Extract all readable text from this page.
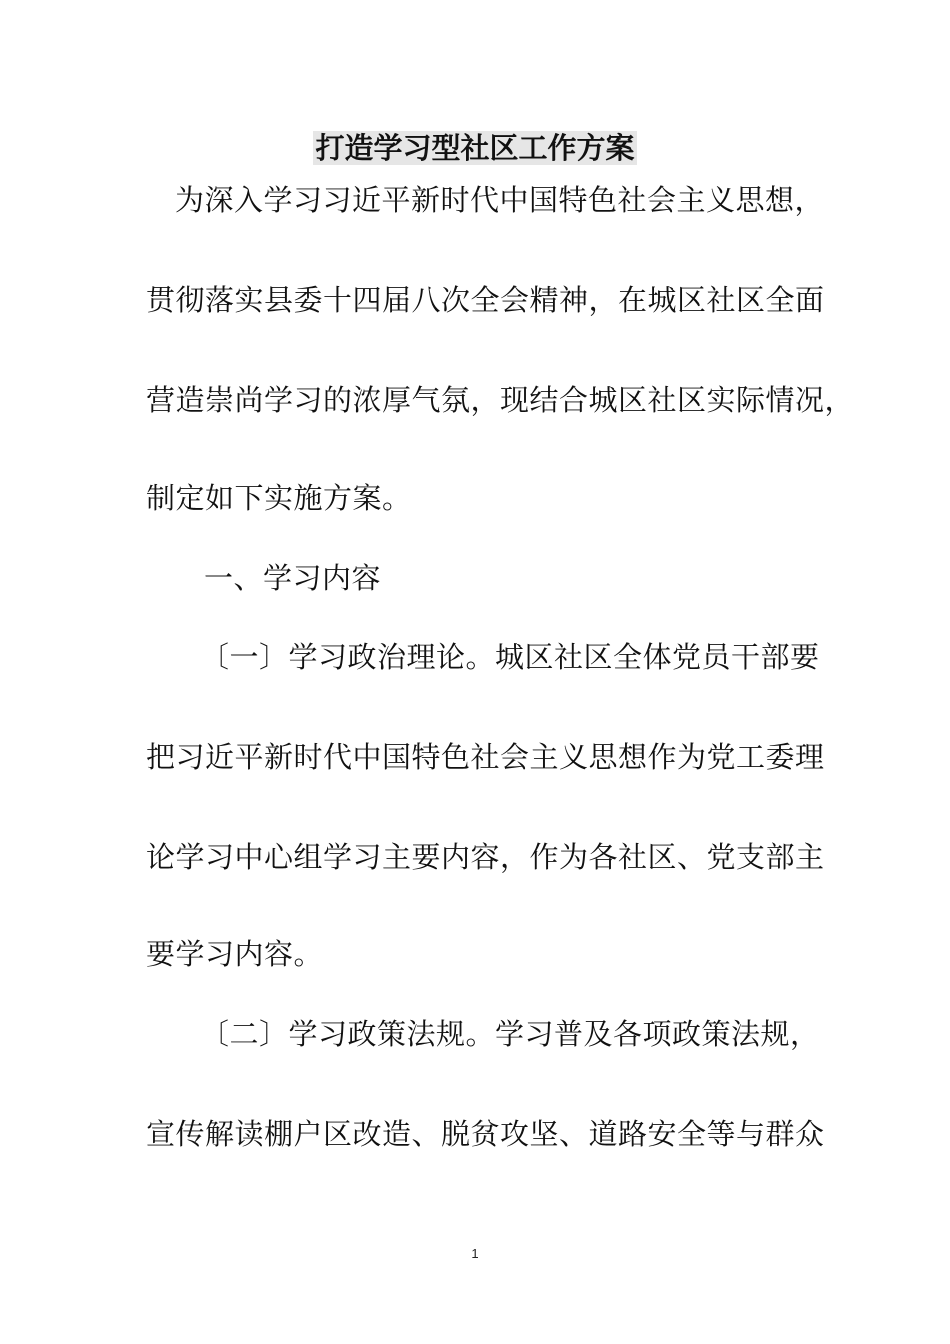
打造学习型社区工作方案
为深入学习习近平新时代中国特色社会主义思想，
贯彻落实县委十四届八次全会精神，在城区社区全面
营造崇尚学习的浓厚气氛，现结合城区社区实际情况，
制定如下实施方案。
一、学习内容
〔一〕学习政治理论。城区社区全体党员干部要
把习近平新时代中国特色社会主义思想作为党工委理
论学习中心组学习主要内容，作为各社区、党支部主
要学习内容。
〔二〕学习政策法规。学习普及各项政策法规，
宣传解读棚户区改造、脱贫攻坚、道路安全等与群众
1
